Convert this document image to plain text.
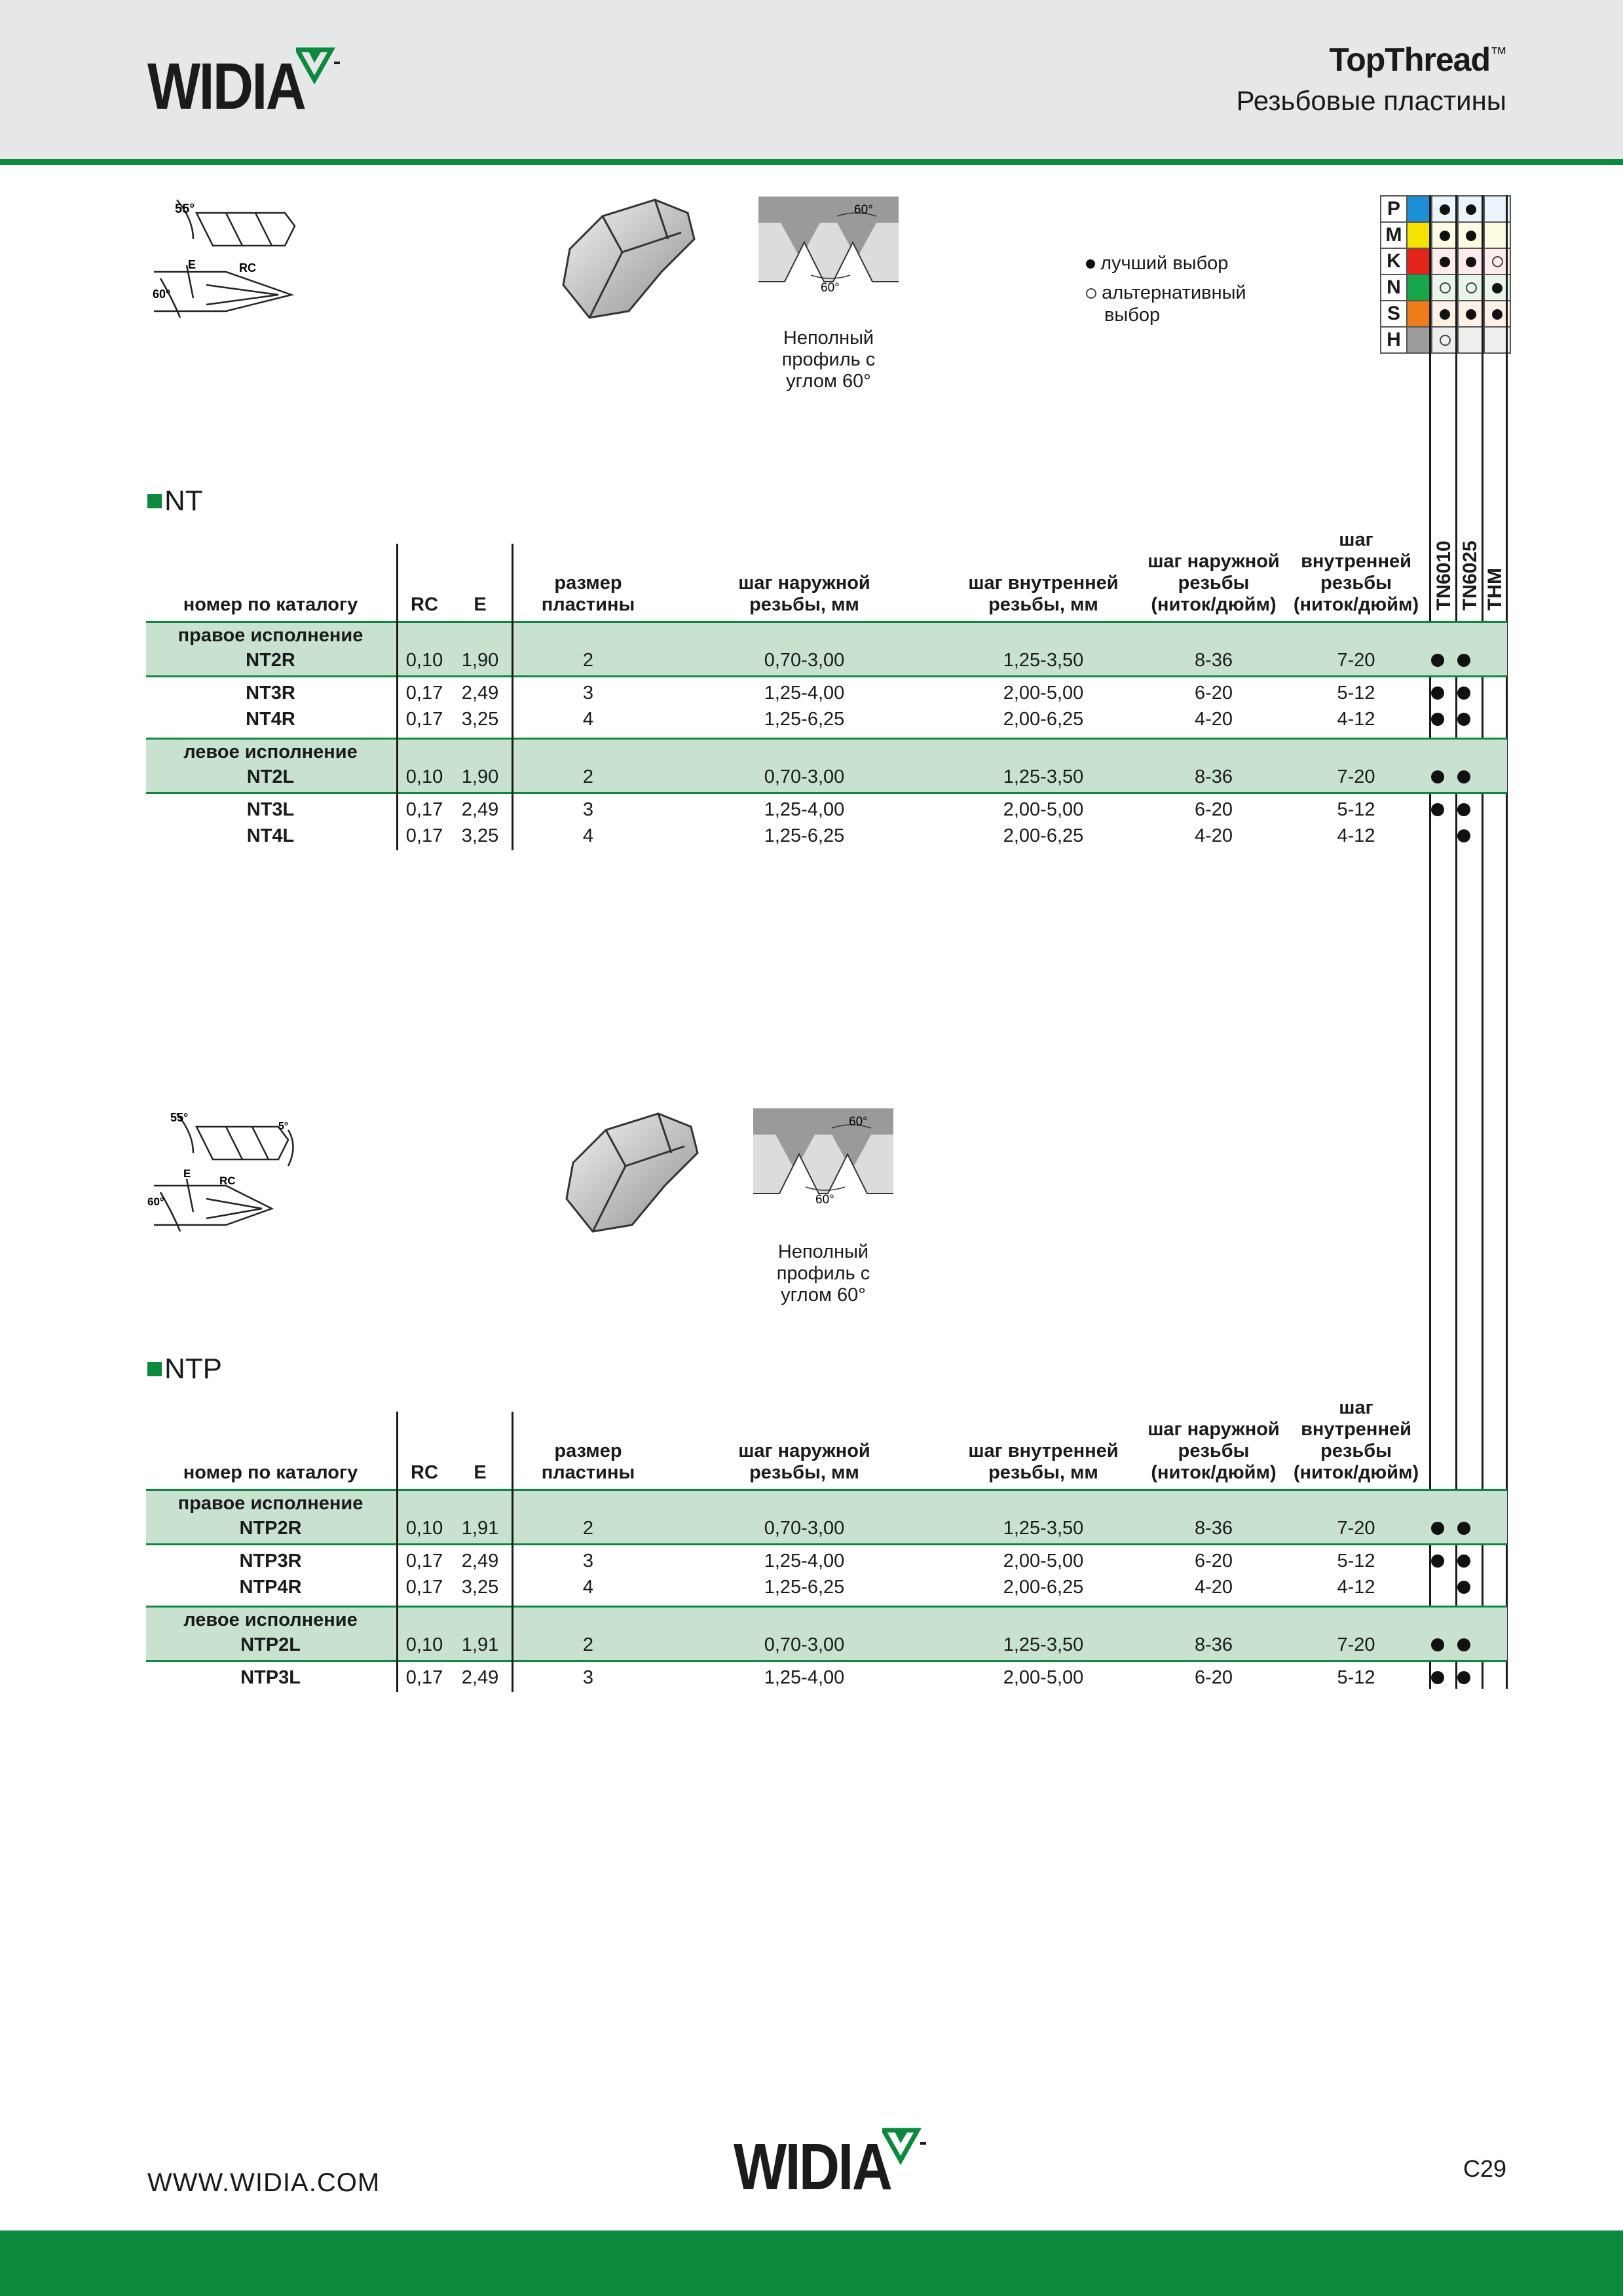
WIDIA	TopThread™
Резьбовые пластины
55°
E	RC
60°
60°
60°
Неполный
профиль с
углом 60°
лучший выбор
альтернативный
выбор
P				
M				
K				
N				
S				
H				
TN6010 TN6025 THM
NT
NTP
номер по каталогу	RC	E
размер
пластины
шаг наружной
резьбы, мм
шаг внутренней
резьбы, мм
шаг наружной
резьбы
(ниток/дюйм)
шаг
внутренней
резьбы
(ниток/дюйм)
правое исполнение
NT2R	0,10 1,90	2	0,70-3,00	1,25-3,50	8-36	7-20
NT3R	0,17 2,49	3	1,25-4,00	2,00-5,00	6-20	5-12
NT4R	0,17 3,25	4	1,25-6,25	2,00-6,25	4-20	4-12
левое исполнение
NT2L	0,10 1,90	2	0,70-3,00	1,25-3,50	8-36	7-20
NT3L	0,17 2,49	3	1,25-4,00	2,00-5,00	6-20	5-12
NT4L	0,17 3,25	4	1,25-6,25	2,00-6,25	4-20	4-12
номер по каталогу	RC	E
размер
пластины
шаг наружной
резьбы, мм
шаг внутренней
резьбы, мм
шаг наружной
резьбы
(ниток/дюйм)
шаг
внутренней
резьбы
(ниток/дюйм)
правое исполнение
NTP2R	0,10 1,91	2	0,70-3,00	1,25-3,50	8-36	7-20
NTP3R	0,17 2,49	3	1,25-4,00	2,00-5,00	6-20	5-12
NTP4R	0,17 3,25	4	1,25-6,25	2,00-6,25	4-20	4-12
левое исполнение
NTP2L	0,10 1,91	2	0,70-3,00	1,25-3,50	8-36	7-20
NTP3L	0,17 2,49	3	1,25-4,00	2,00-5,00	6-20	5-12
55°
5°
E
RC
60°
60°
60°
Неполный
профиль с
углом 60°
WWW.WIDIA.COM	WIDIA	C29
